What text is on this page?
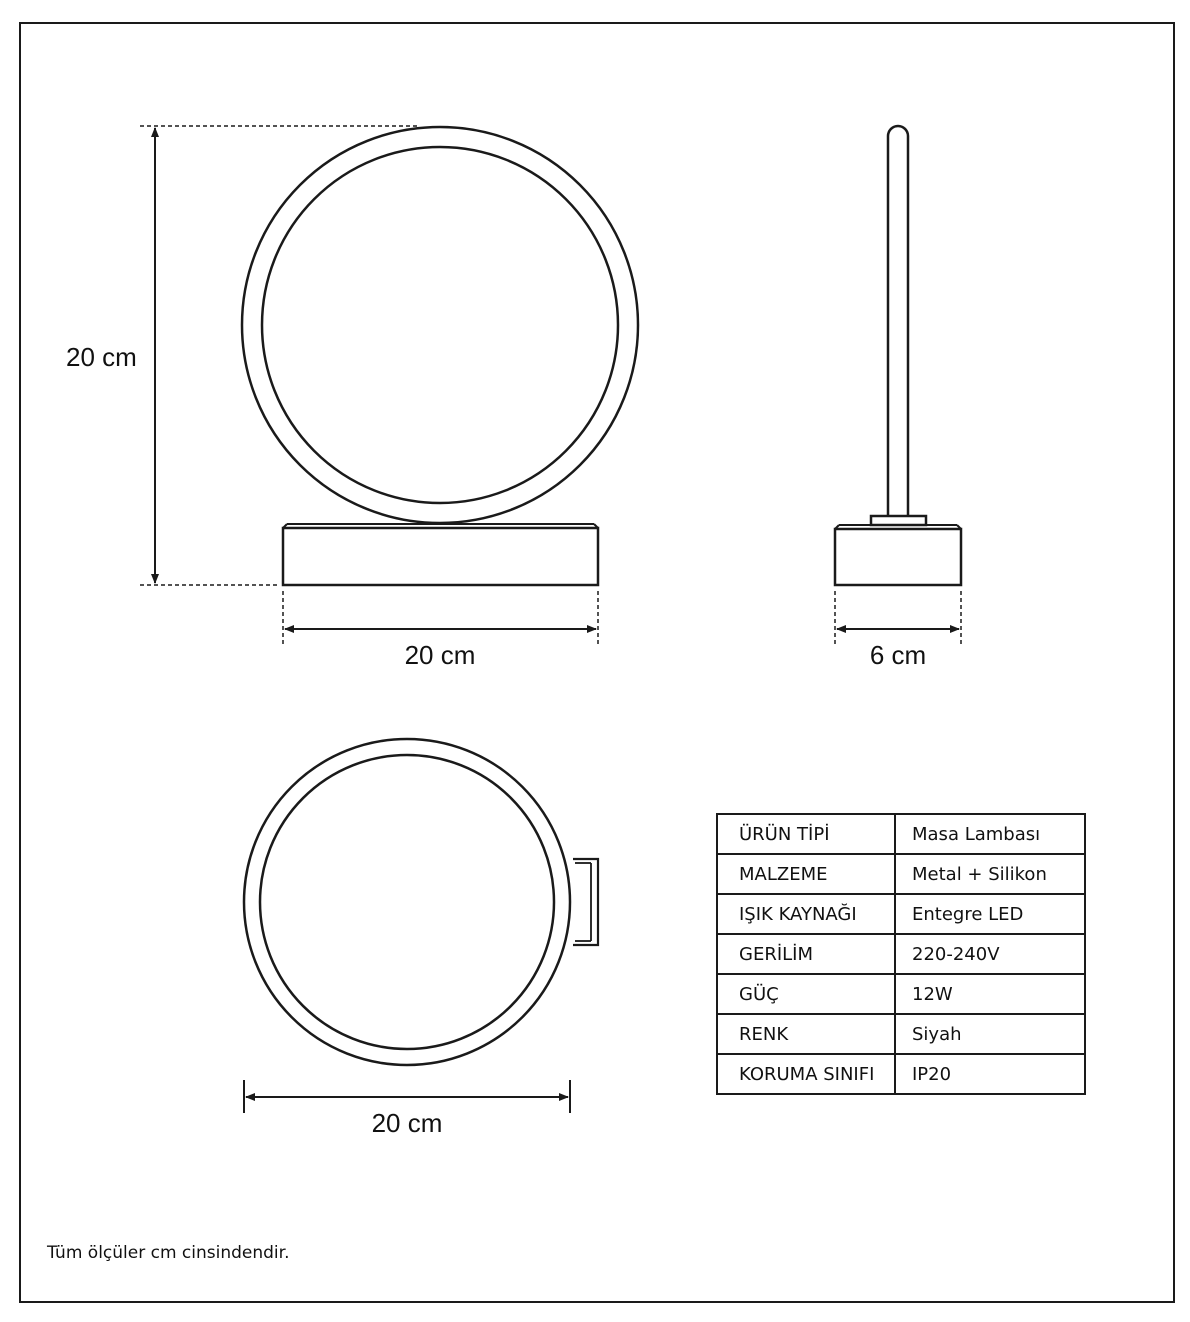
20 cm
20 cm	6 cm
20 cm
ÜRÜN TİPİ	Masa Lambası
MALZEME	Metal + Silikon
IŞIK KAYNAĞI	Entegre LED
GERİLİM	220-240V
GÜÇ	12W
RENK	Siyah
KORUMA SINIFI	IP20
Tüm ölçüler cm cinsindendir.
